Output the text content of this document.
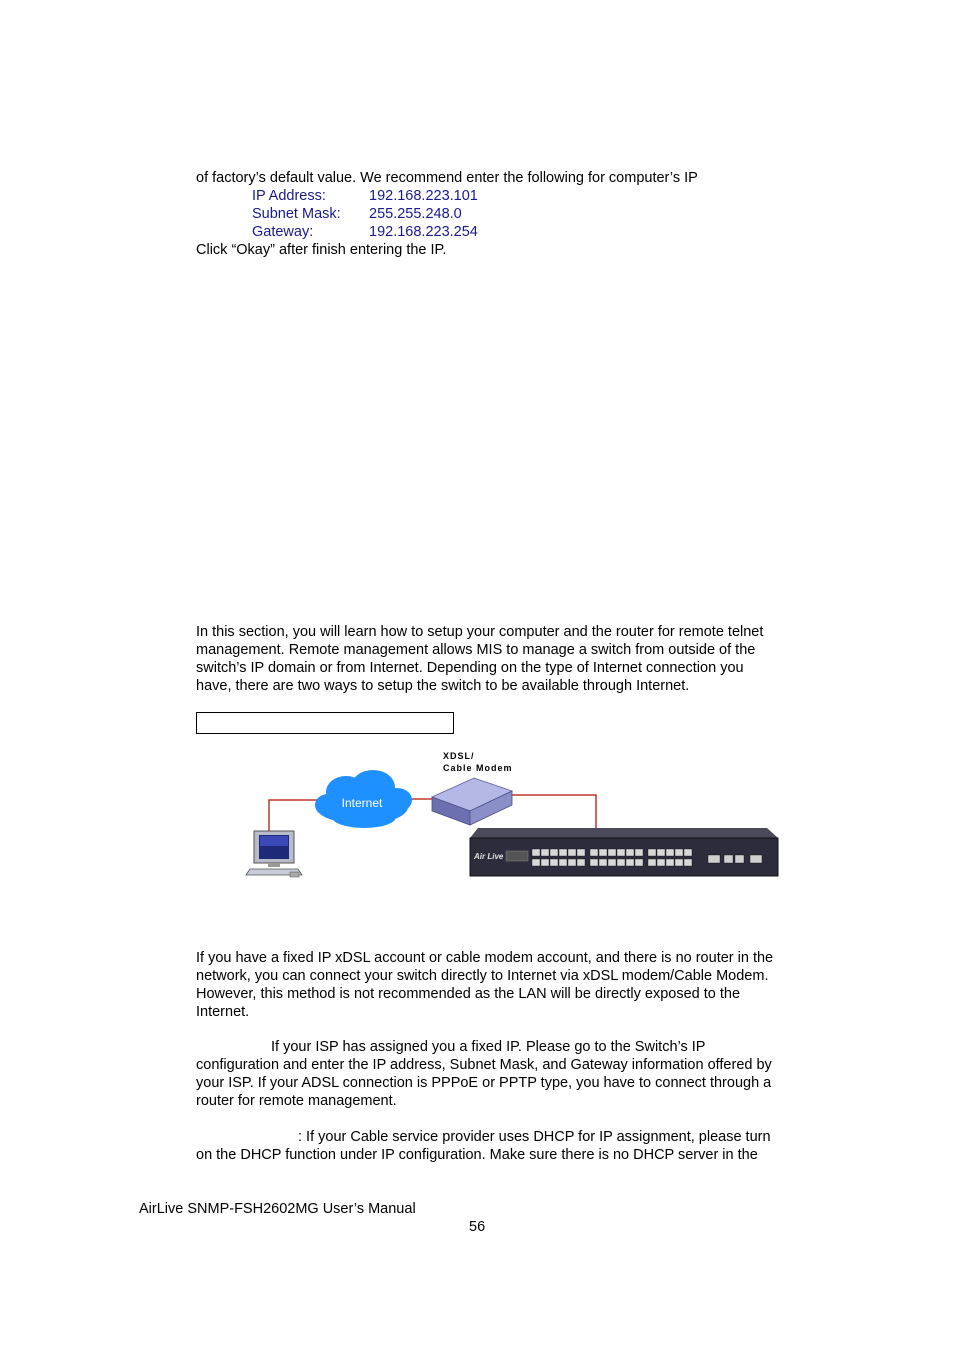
of factory’s default value. We recommend enter the following for computer’s IP
IP Address:	192.168.223.101
Subnet Mask: 255.255.248.0
Gateway:	192.168.223.254
Click “Okay” after finish entering the IP.
In this section, you will learn how to setup your computer and the router for remote telnet
management. Remote management allows MIS to manage a switch from outside of the
switch’s IP domain or from Internet. Depending on the type of Internet connection you
have, there are two ways to setup the switch to be available through Internet.
Internet
XDSL/
Cable Modem
Air Live
If you have a fixed IP xDSL account or cable modem account, and there is no router in the
network, you can connect your switch directly to Internet via xDSL modem/Cable Modem.
However, this method is not recommended as the LAN will be directly exposed to the
Internet.
If your ISP has assigned you a fixed IP. Please go to the Switch’s IP
configuration and enter the IP address, Subnet Mask, and Gateway information offered by
your ISP. If your ADSL connection is PPPoE or PPTP type, you have to connect through a
router for remote management.
: If your Cable service provider uses DHCP for IP assignment, please turn
on the DHCP function under IP configuration. Make sure there is no DHCP server in the
AirLive SNMP-FSH2602MG User’s Manual
56
